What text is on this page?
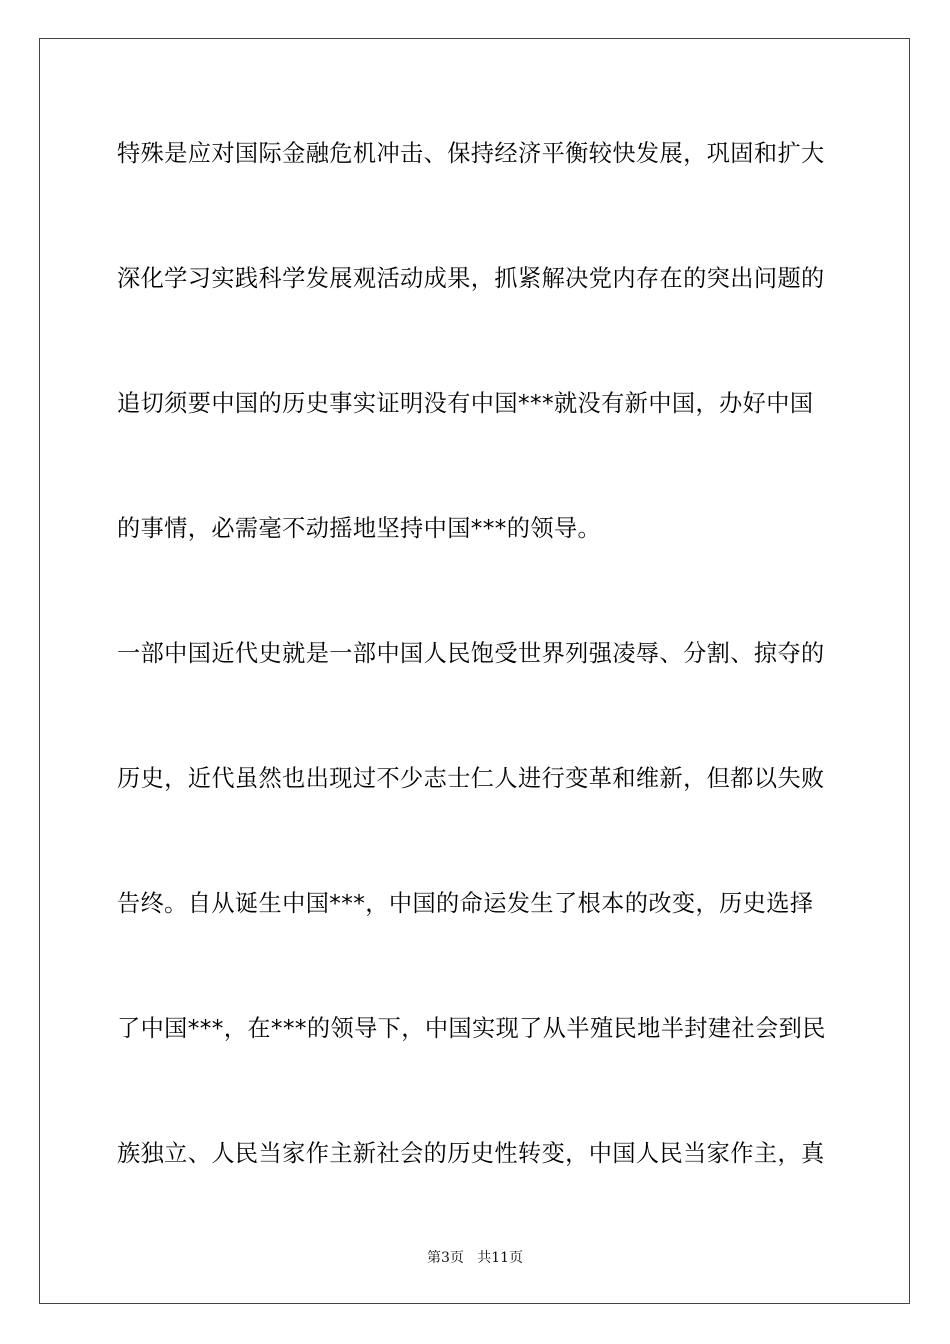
特殊是应对国际金融危机冲击、保持经济平衡较快发展，巩固和扩大
深化学习实践科学发展观活动成果，抓紧解决党内存在的突出问题的
追切须要中国的历史事实证明没有中国***就没有新中国，办好中国
的事情，必需毫不动摇地坚持中国***的领导。
一部中国近代史就是一部中国人民饱受世界列强凌辱、分割、掠夺的
历史，近代虽然也出现过不少志士仁人进行变革和维新，但都以失败
告终。自从诞生中国***，中国的命运发生了根本的改变，历史选择
了中国***，在***的领导下，中国实现了从半殖民地半封建社会到民
族独立、人民当家作主新社会的历史性转变，中国人民当家作主，真
第3页   共11页
